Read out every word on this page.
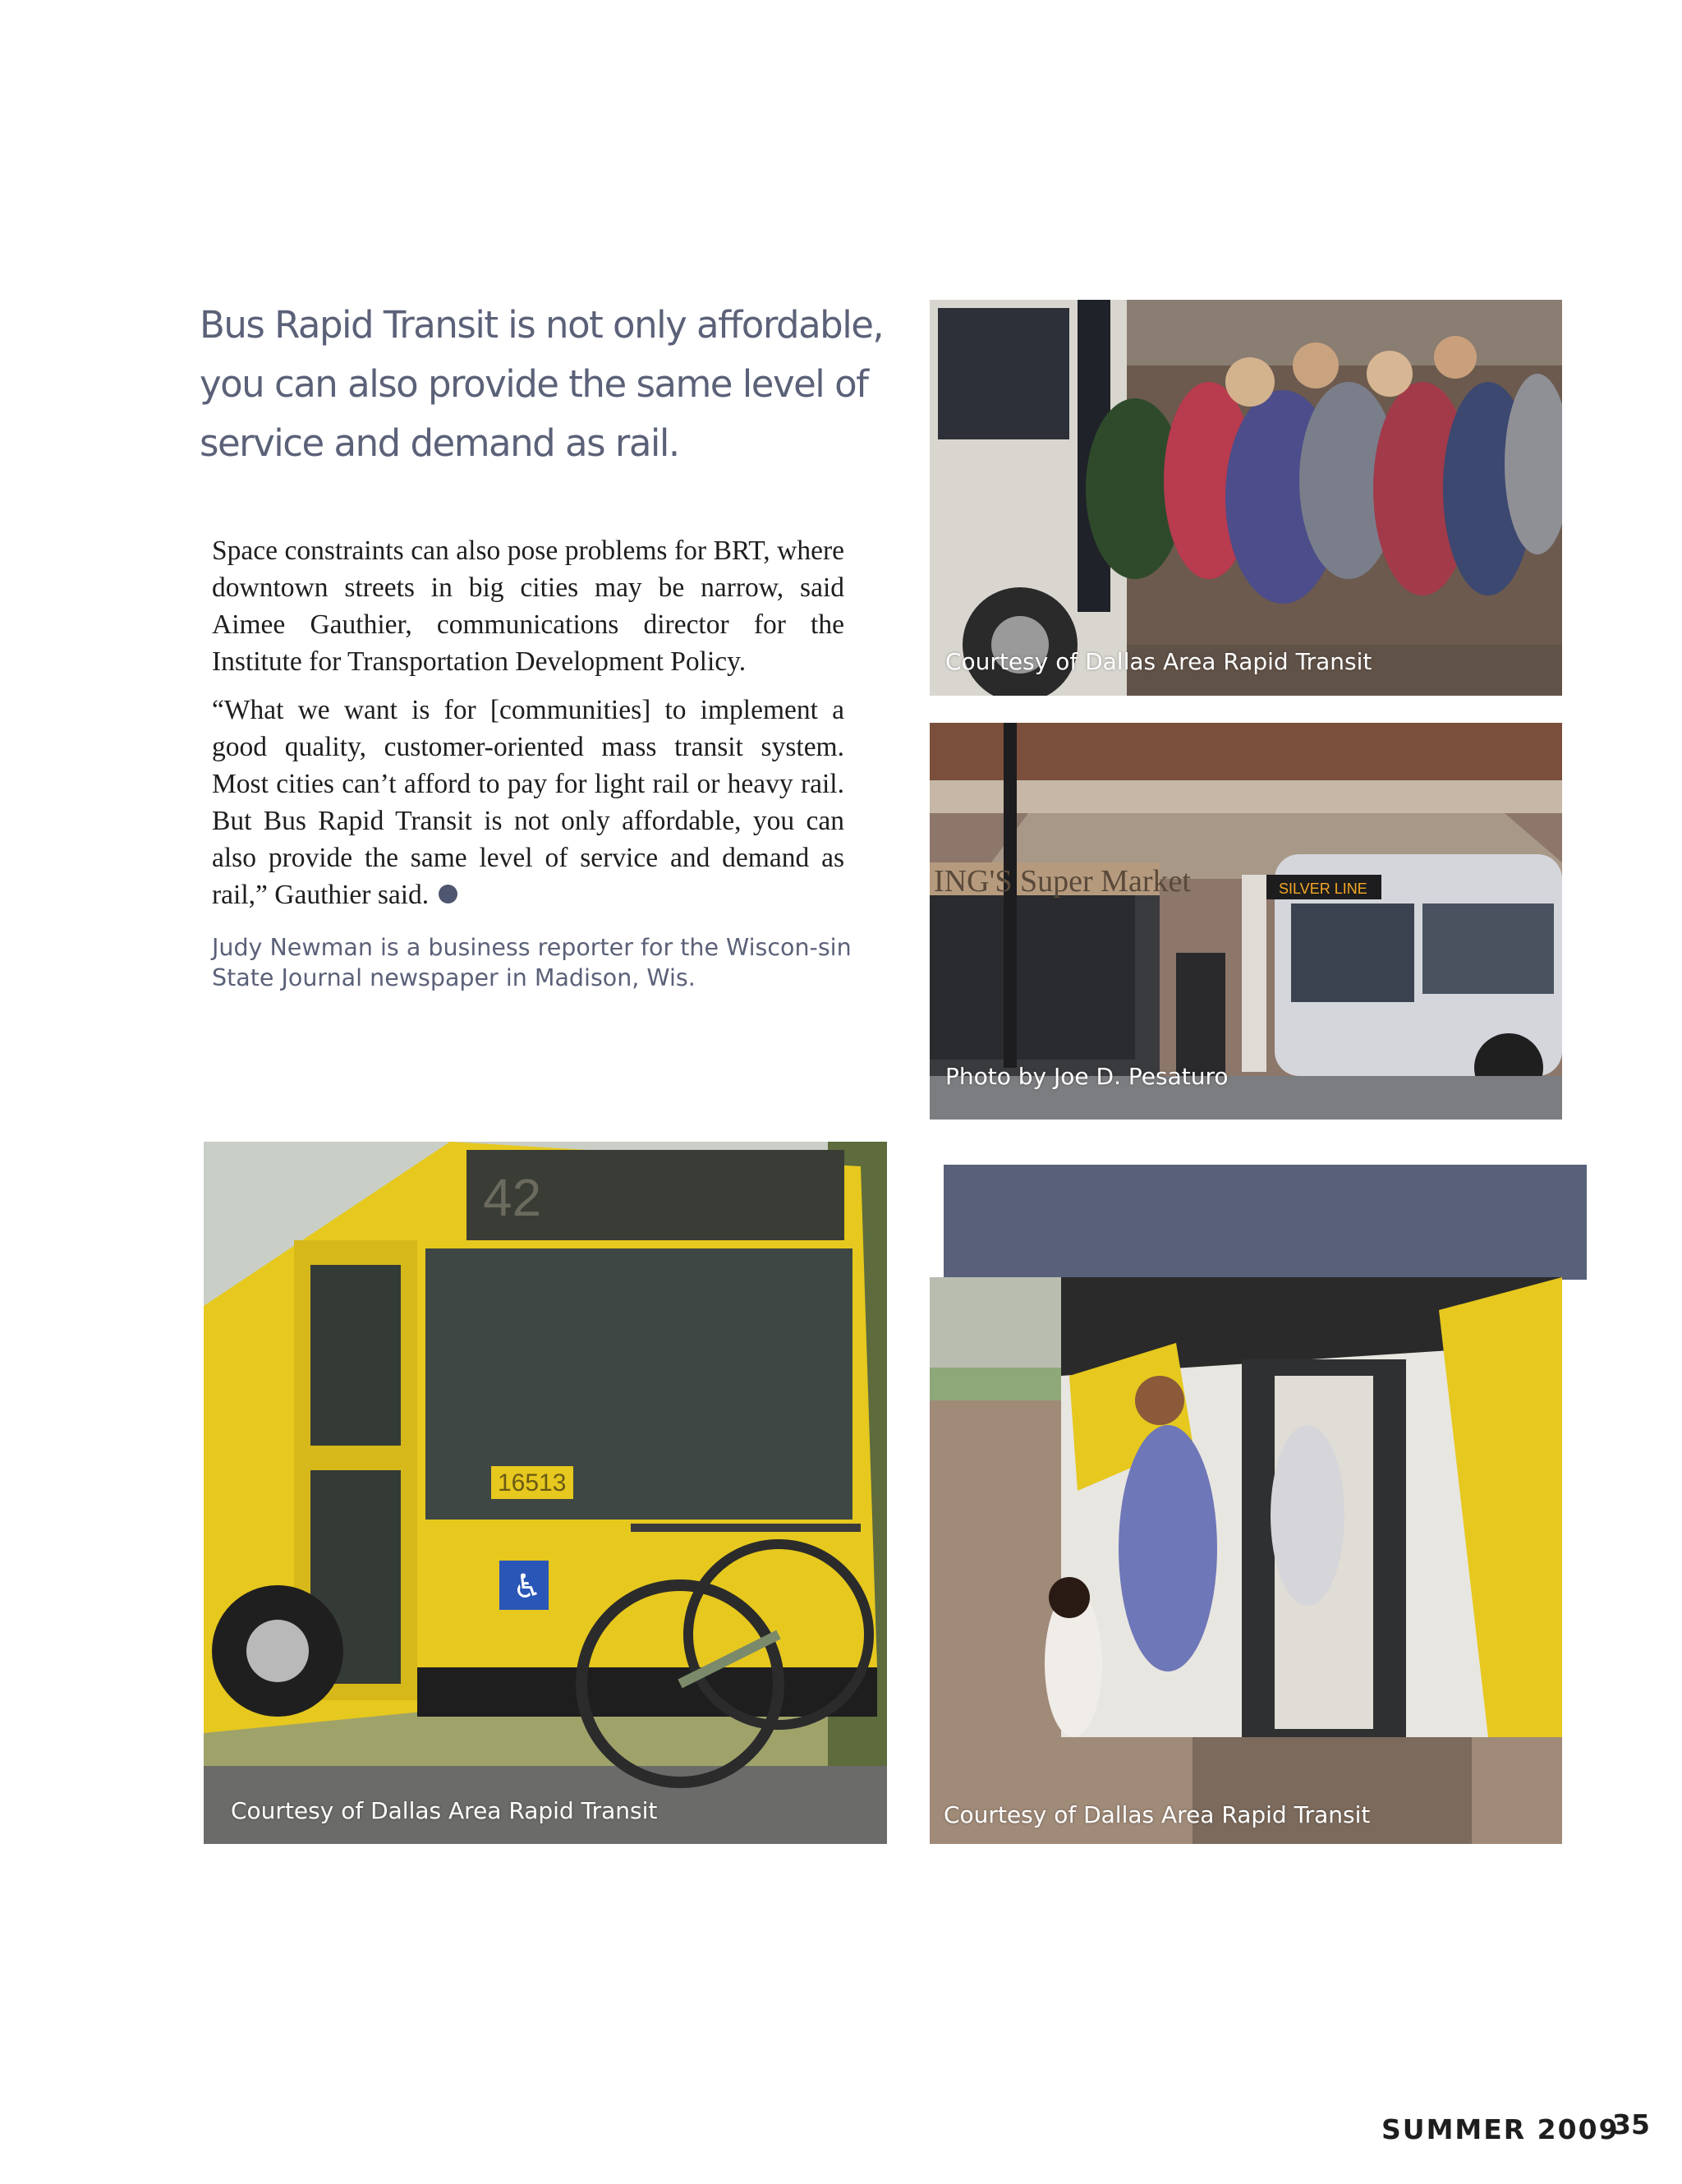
Bus Rapid Transit is not only affordable, you can also provide the same level of service and demand as rail.

Space constraints can also pose problems for BRT, where downtown streets in big cities may be narrow, said Aimee Gauthier, communications director for the Institute for Transportation Development Policy.

“What we want is for [communities] to implement a good quality, customer-oriented mass transit system. Most cities can’t afford to pay for light rail or heavy rail. But Bus Rapid Transit is not only affordable, you can also provide the same level of service and demand as rail,” Gauthier said.

Judy Newman is a business reporter for the Wiscon-sin State Journal newspaper in Madison, Wis.
Courtesy of Dallas Area Rapid Transit
SILVER LINE
ING'S Super Market
Photo by Joe D. Pesaturo
42
16513
♿
Courtesy of Dallas Area Rapid Transit	Courtesy of Dallas Area Rapid Transit
SUMMER 2009
35
